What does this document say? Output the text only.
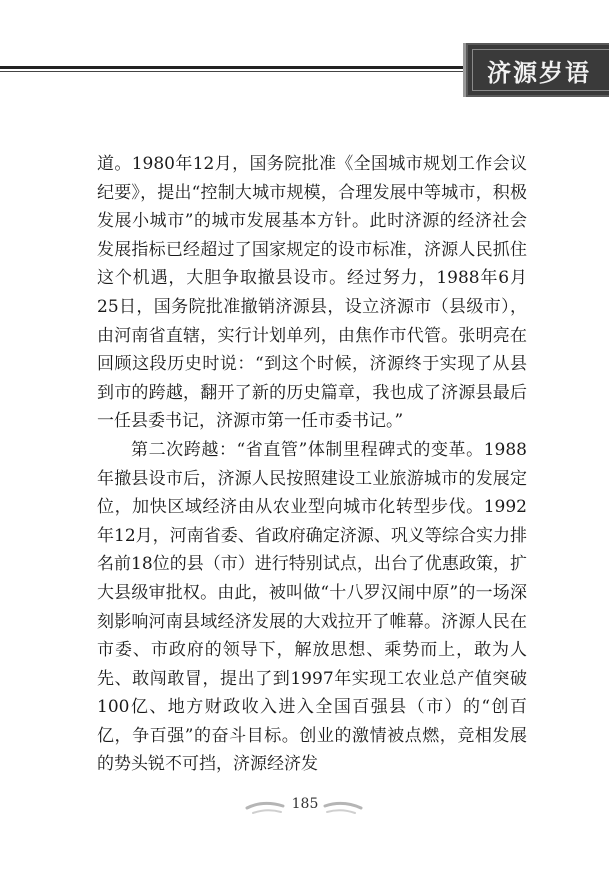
济源岁语

道。1980年12月，国务院批准《全国城市规划工作会议纪要》，提出“控制大城市规模，合理发展中等城市，积极发展小城市”的城市发展基本方针。此时济源的经济社会发展指标已经超过了国家规定的设市标准，济源人民抓住这个机遇，大胆争取撤县设市。经过努力，1988年6月25日，国务院批准撤销济源县，设立济源市（县级市），由河南省直辖，实行计划单列，由焦作市代管。张明亮在回顾这段历史时说：“到这个时候，济源终于实现了从县到市的跨越，翻开了新的历史篇章，我也成了济源县最后一任县委书记，济源市第一任市委书记。”

第二次跨越：“省直管”体制里程碑式的变革。1988年撤县设市后，济源人民按照建设工业旅游城市的发展定位，加快区域经济由从农业型向城市化转型步伐。1992年12月，河南省委、省政府确定济源、巩义等综合实力排名前18位的县（市）进行特别试点，出台了优惠政策，扩大县级审批权。由此，被叫做“十八罗汉闹中原”的一场深刻影响河南县域经济发展的大戏拉开了帷幕。济源人民在市委、市政府的领导下，解放思想、乘势而上，敢为人先、敢闯敢冒，提出了到1997年实现工农业总产值突破100亿、地方财政收入进入全国百强县（市）的“创百亿，争百强”的奋斗目标。创业的激情被点燃，竞相发展的势头锐不可挡，济源经济发

185
